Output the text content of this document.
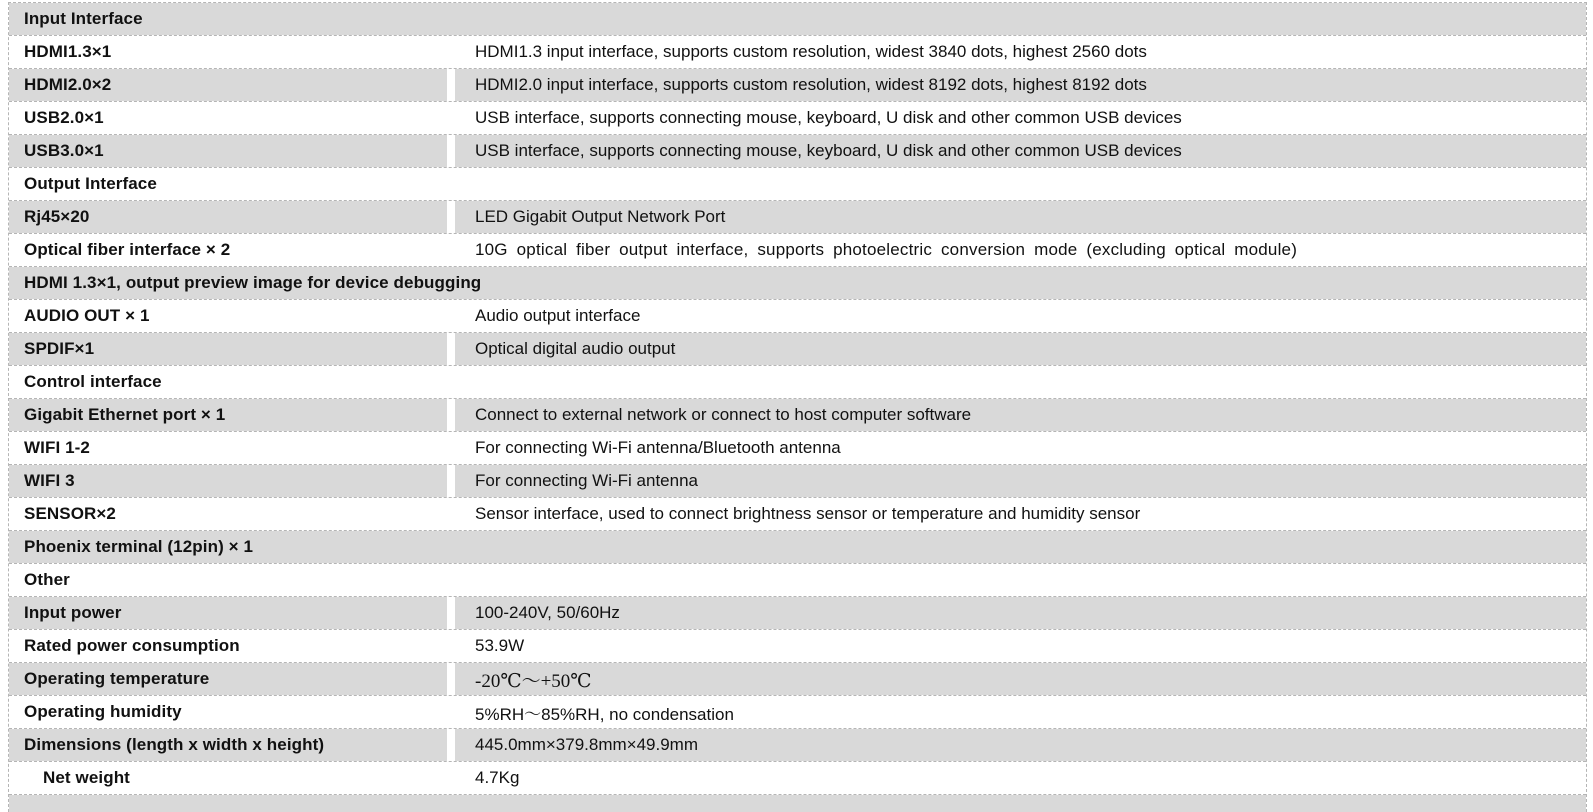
Input Interface
HDMI1.3×1	HDMI1.3 input interface, supports custom resolution, widest 3840 dots, highest 2560 dots
HDMI2.0×2	HDMI2.0 input interface, supports custom resolution, widest 8192 dots, highest 8192 dots
USB2.0×1	USB interface, supports connecting mouse, keyboard, U disk and other common USB devices
USB3.0×1	USB interface, supports connecting mouse, keyboard, U disk and other common USB devices
Output Interface
Rj45×20	LED Gigabit Output Network Port
Optical fiber interface × 2	10G optical fiber output interface, supports photoelectric conversion mode (excluding optical module)
HDMI 1.3×1, output preview image for device debugging
AUDIO OUT × 1	Audio output interface
SPDIF×1	Optical digital audio output
Control interface
Gigabit Ethernet port × 1	Connect to external network or connect to host computer software
WIFI 1-2	For connecting Wi-Fi antenna/Bluetooth antenna
WIFI 3	For connecting Wi-Fi antenna
SENSOR×2	Sensor interface, used to connect brightness sensor or temperature and humidity sensor
Phoenix terminal (12pin) × 1
Other
Input power	100-240V, 50/60Hz
Rated power consumption	53.9W
Operating temperature	-20℃～+50℃
Operating humidity	5%RH～85%RH, no condensation
Dimensions (length x width x height)	445.0mm×379.8mm×49.9mm
Net weight	4.7Kg
